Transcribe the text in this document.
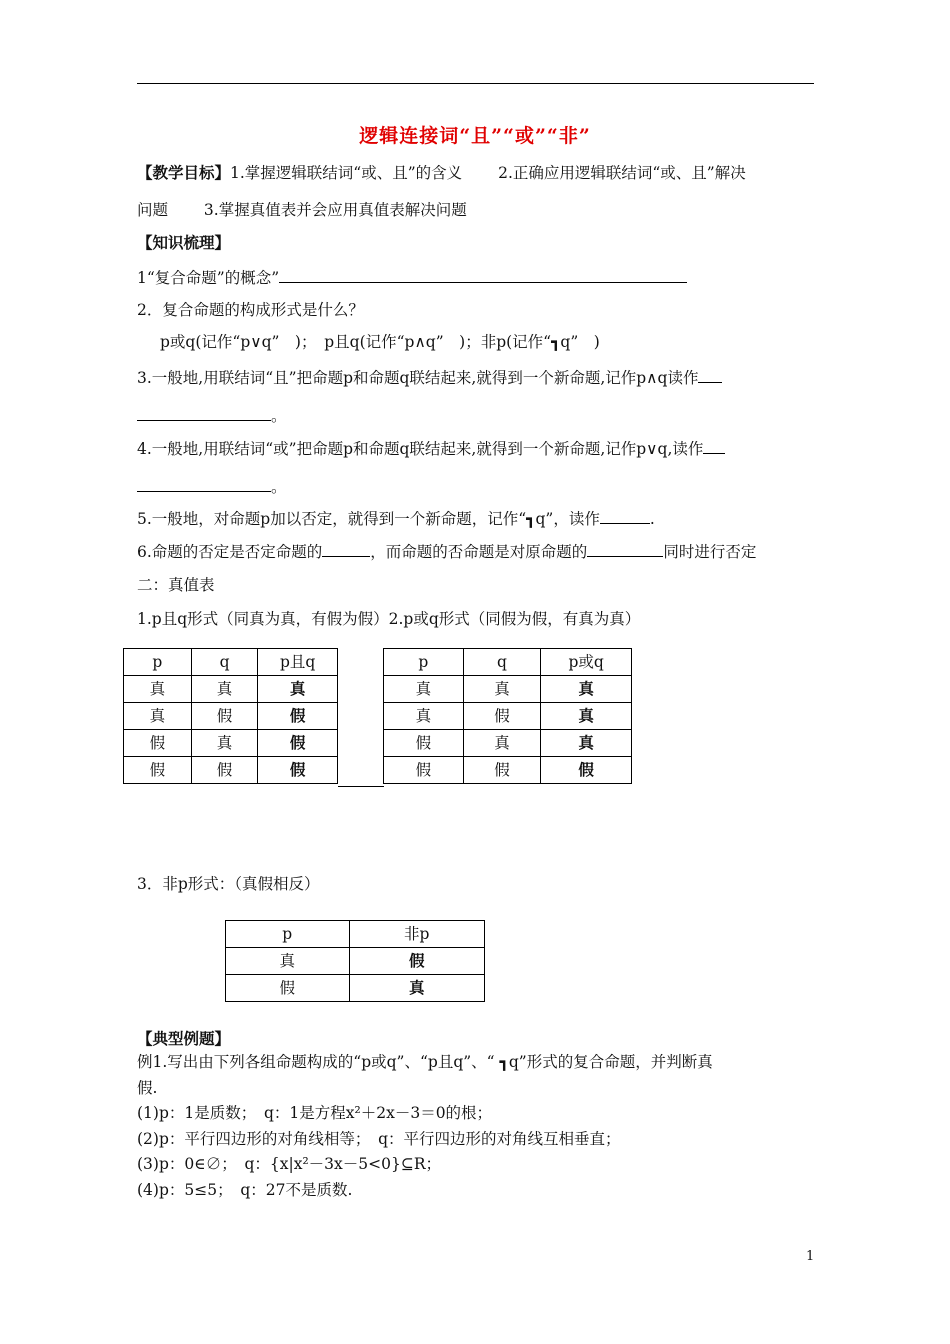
逻辑连接词“且”“或”“非”
【教学目标】1.掌握逻辑联结词“或、且”的含义　　 2.正确应用逻辑联结词“或、且”解决
问题　　 3.掌握真值表并会应用真值表解决问题
【知识梳理】
1“复合命题”的概念”
2．复合命题的构成形式是什么？
p或q(记作“p∨q”　)；　p且q(记作“p∧q”　)；非p(记作“┓q”　)
3.一般地,用联结词“且”把命题p和命题q联结起来,就得到一个新命题,记作p∧q读作
。
4.一般地,用联结词“或”把命题p和命题q联结起来,就得到一个新命题,记作p∨q,读作
。
5.一般地，对命题p加以否定，就得到一个新命题，记作“┓q”，读作	.
6.命题的否定是否定命题的	，而命题的否命题是对原命题的	同时进行否定
二：真值表
1.p且q形式（同真为真，有假为假）2.p或q形式（同假为假，有真为真）
p	q	p且q
真	真	真
真	假	假
假	真	假
假	假	假
p	q	p或q
真	真	真
真	假	真
假	真	真
假	假	假
3．非p形式：（真假相反）
p	非p
真	假
假	真
【典型例题】
例1.写出由下列各组命题构成的“p或q”、“p且q”、“ ┓q”形式的复合命题，并判断真
假.
(1)p：1是质数；　q：1是方程x²＋2x－3＝0的根；
(2)p：平行四边形的对角线相等；　q：平行四边形的对角线互相垂直；
(3)p：0∈∅；　q：{x|x²－3x－5<0}⊆R；
(4)p：5≤5；　q：27不是质数.
1
